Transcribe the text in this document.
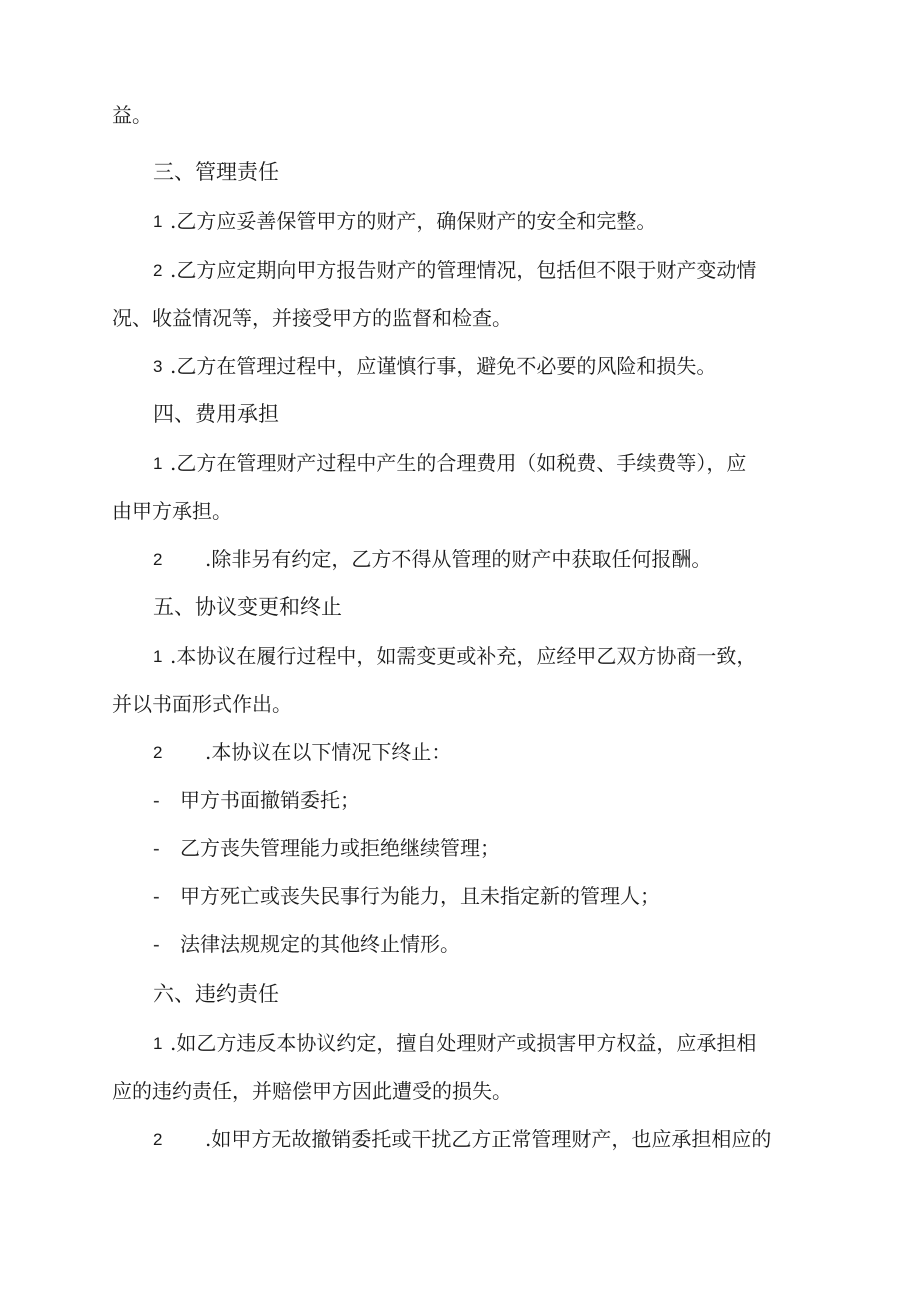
益。
三、管理责任
1 .乙方应妥善保管甲方的财产，确保财产的安全和完整。
2 .乙方应定期向甲方报告财产的管理情况，包括但不限于财产变动情
况、收益情况等，并接受甲方的监督和检查。
3 .乙方在管理过程中，应谨慎行事，避免不必要的风险和损失。
四、费用承担
1 .乙方在管理财产过程中产生的合理费用（如税费、手续费等），应
由甲方承担。
2 .除非另有约定，乙方不得从管理的财产中获取任何报酬。
五、协议变更和终止
1 .本协议在履行过程中，如需变更或补充，应经甲乙双方协商一致，
并以书面形式作出。
2 .本协议在以下情况下终止：
- 甲方书面撤销委托；
- 乙方丧失管理能力或拒绝继续管理；
- 甲方死亡或丧失民事行为能力，且未指定新的管理人；
- 法律法规规定的其他终止情形。
六、违约责任
1 .如乙方违反本协议约定，擅自处理财产或损害甲方权益，应承担相
应的违约责任，并赔偿甲方因此遭受的损失。
2 .如甲方无故撤销委托或干扰乙方正常管理财产，也应承担相应的
